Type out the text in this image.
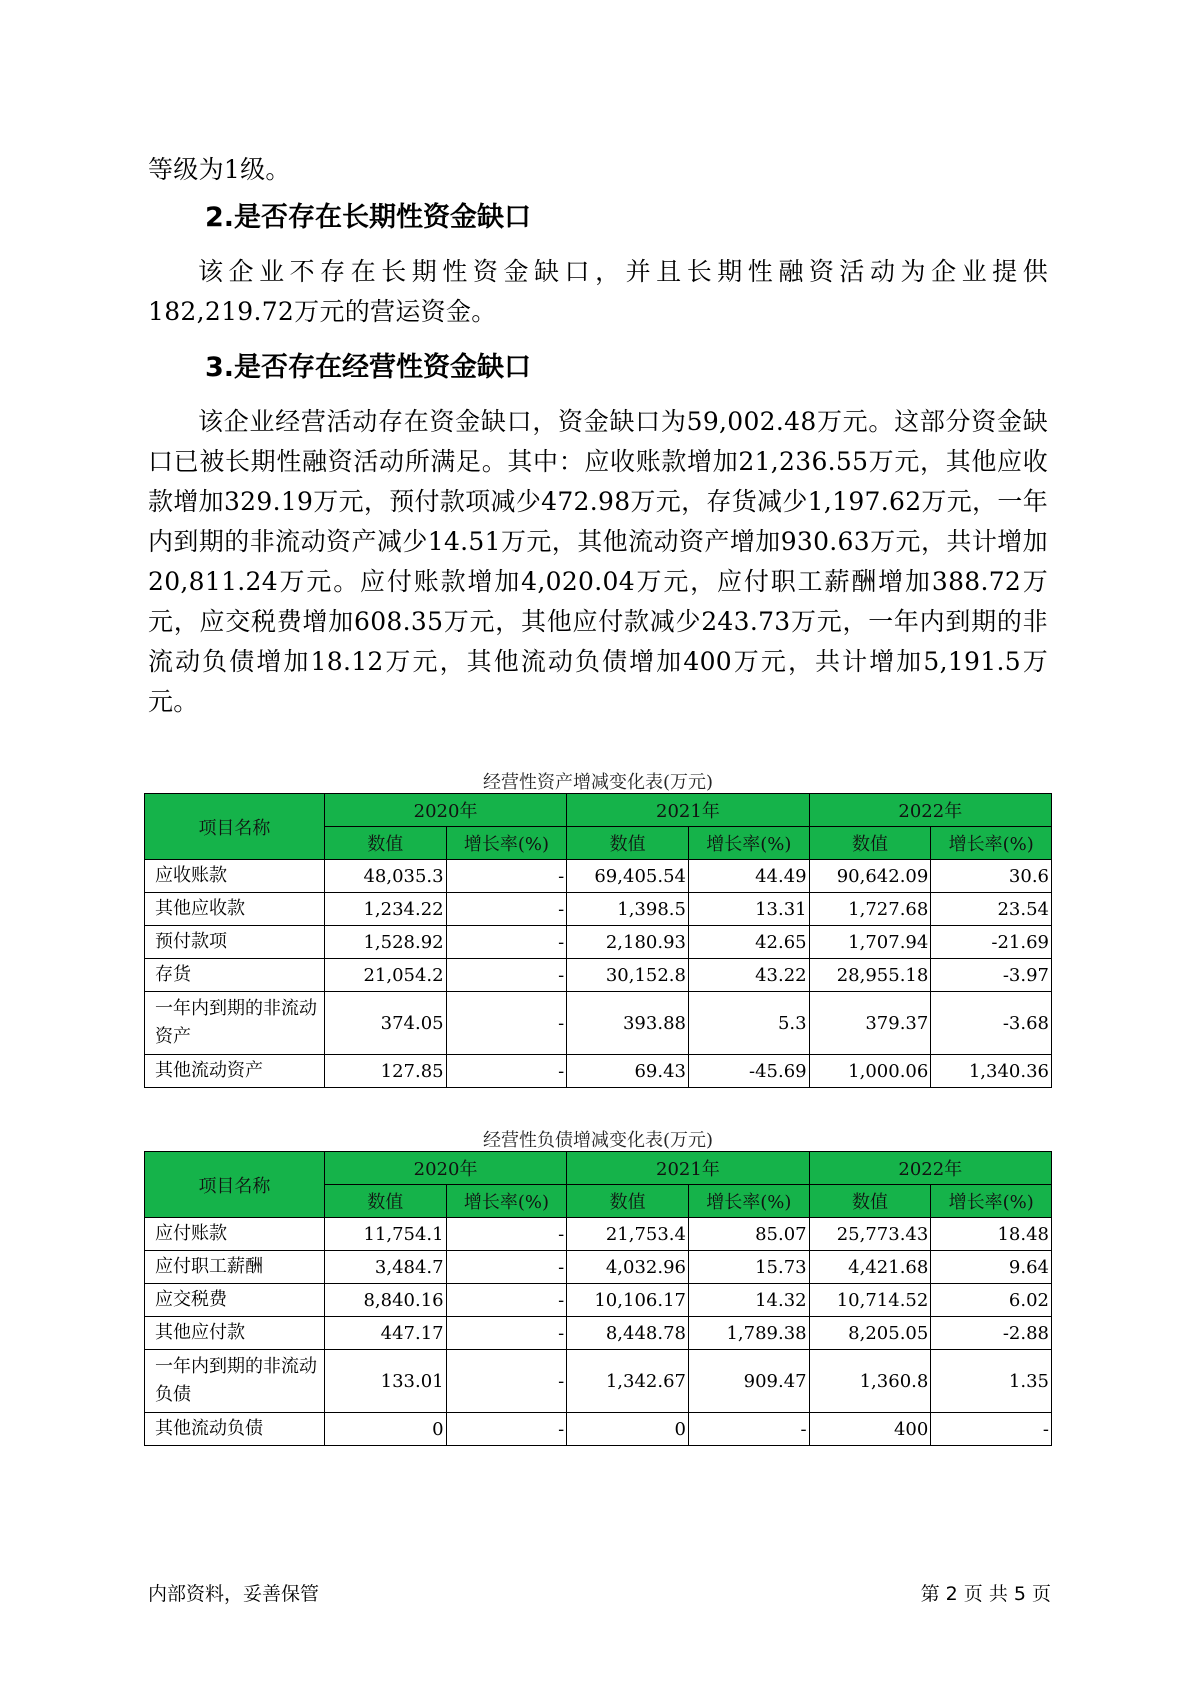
等级为1级。
2.是否存在长期性资金缺口
该企业不存在长期性资金缺口，并且长期性融资活动为企业提供182,219.72万元的营运资金。
3.是否存在经营性资金缺口
该企业经营活动存在资金缺口，资金缺口为59,002.48万元。这部分资金缺口已被长期性融资活动所满足。其中：应收账款增加21,236.55万元，其他应收款增加329.19万元，预付款项减少472.98万元，存货减少1,197.62万元，一年内到期的非流动资产减少14.51万元，其他流动资产增加930.63万元，共计增加20,811.24万元。应付账款增加4,020.04万元，应付职工薪酬增加388.72万元，应交税费增加608.35万元，其他应付款减少243.73万元，一年内到期的非流动负债增加18.12万元，其他流动负债增加400万元，共计增加5,191.5万元。
经营性资产增减变化表(万元)
项目名称	2020年		2021年		2022年	
	数值	增长率(%)	数值	增长率(%)	数值	增长率(%)
应收账款	48,035.3	-	69,405.54	44.49	90,642.09	30.6
其他应收款	1,234.22	-	1,398.5	13.31	1,727.68	23.54
预付款项	1,528.92	-	2,180.93	42.65	1,707.94	-21.69
存货	21,054.2	-	30,152.8	43.22	28,955.18	-3.97
一年内到期的非流动资产	374.05	-	393.88	5.3	379.37	-3.68
其他流动资产	127.85	-	69.43	-45.69	1,000.06	1,340.36
经营性负债增减变化表(万元)
项目名称	2020年		2021年		2022年	
	数值	增长率(%)	数值	增长率(%)	数值	增长率(%)
应付账款	11,754.1	-	21,753.4	85.07	25,773.43	18.48
应付职工薪酬	3,484.7	-	4,032.96	15.73	4,421.68	9.64
应交税费	8,840.16	-	10,106.17	14.32	10,714.52	6.02
其他应付款	447.17	-	8,448.78	1,789.38	8,205.05	-2.88
一年内到期的非流动负债	133.01	-	1,342.67	909.47	1,360.8	1.35
其他流动负债	0	-	0	-	400	-
内部资料，妥善保管	第 2 页 共 5 页
